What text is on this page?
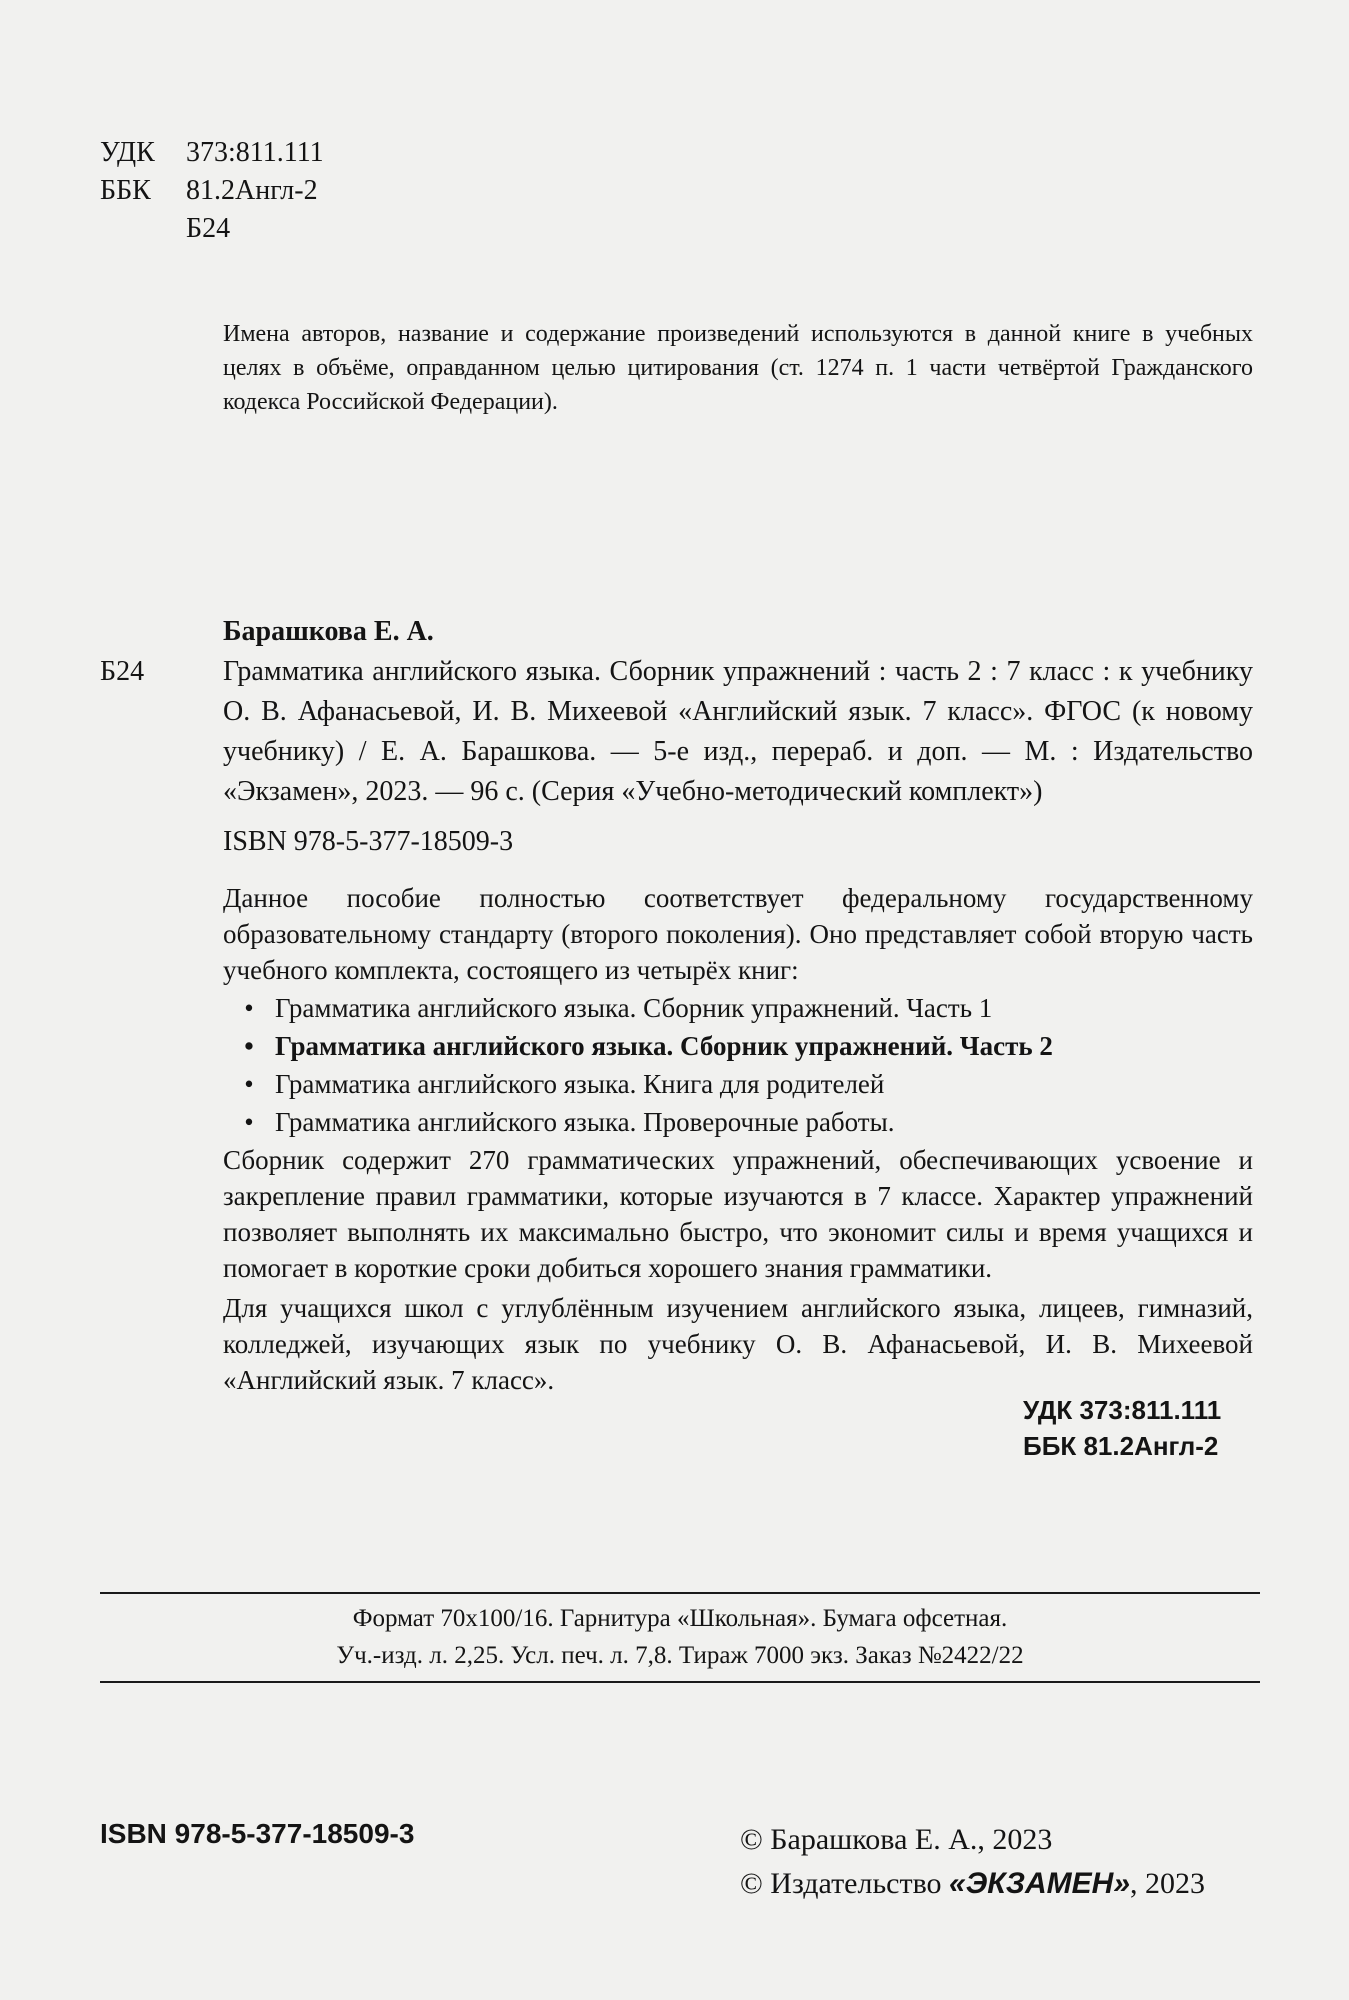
УДК	373:811.111
ББК	81.2Англ-2
Б24
Имена авторов, название и содержание произведений используются в данной книге в учебных целях в объёме, оправданном целью цитирования (ст. 1274 п. 1 части четвёртой Гражданского кодекса Российской Федерации).
Барашкова Е. А.
Б24	Грамматика английского языка. Сборник упражнений : часть 2 : 7 класс : к учебнику О. В. Афанасьевой, И. В. Михеевой «Английский язык. 7 класс». ФГОС (к новому учебнику) / Е. А. Барашкова. — 5-е изд., перераб. и доп. — М. : Издательство «Экзамен», 2023. — 96 с. (Серия «Учебно-методический комплект»)
ISBN 978-5-377-18509-3

Данное пособие полностью соответствует федеральному государственному образовательному стандарту (второго поколения). Оно представляет собой вторую часть учебного комплекта, состоящего из четырёх книг:

• Грамматика английского языка. Сборник упражнений. Часть 1
• Грамматика английского языка. Сборник упражнений. Часть 2
• Грамматика английского языка. Книга для родителей
• Грамматика английского языка. Проверочные работы.

Сборник содержит 270 грамматических упражнений, обеспечивающих усвоение и закрепление правил грамматики, которые изучаются в 7 классе. Характер упражнений позволяет выполнять их максимально быстро, что экономит силы и время учащихся и помогает в короткие сроки добиться хорошего знания грамматики.

Для учащихся школ с углублённым изучением английского языка, лицеев, гимназий, колледжей, изучающих язык по учебнику О. В. Афанасьевой, И. В. Михеевой «Английский язык. 7 класс».

УДК 373:811.111
ББК 81.2Англ-2
Формат 70х100/16. Гарнитура «Школьная». Бумага офсетная.
Уч.-изд. л. 2,25. Усл. печ. л. 7,8. Тираж 7000 экз. Заказ №2422/22
ISBN 978-5-377-18509-3	© Барашкова Е. А., 2023
© Издательство «ЭКЗАМЕН», 2023
